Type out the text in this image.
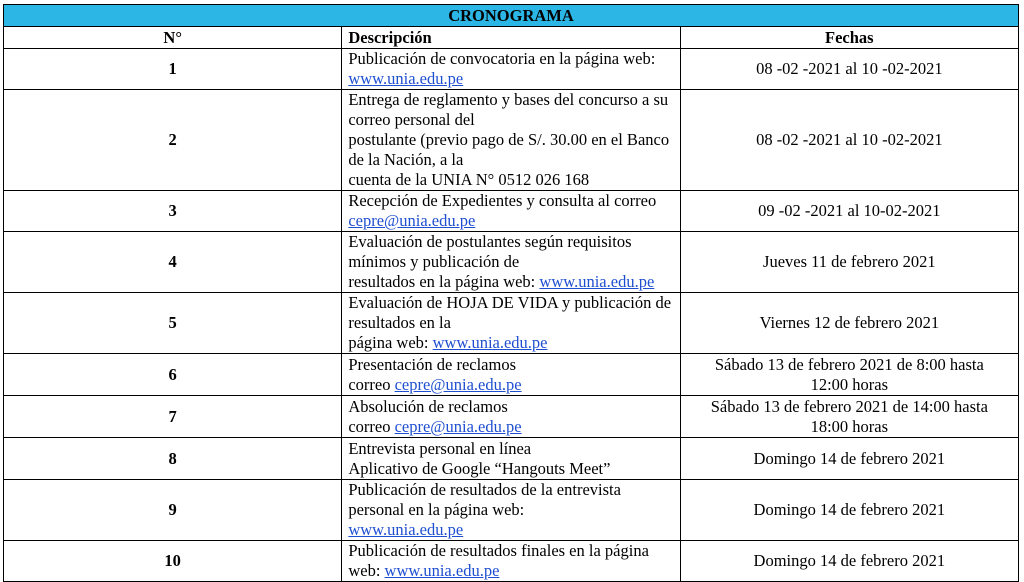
CRONOGRAMA		
N°	Descripción	Fechas
1	Publicación de convocatoria en la página web: www.unia.edu.pe	08 -02 -2021 al 10 -02-2021

2	Entrega de reglamento y bases del concurso a su correo personal del
postulante (previo pago de S/. 30.00 en el Banco de la Nación, a la
cuenta de la UNIA N° 0512 026 168	08 -02 -2021 al 10 -02-2021

3	Recepción de Expedientes y consulta al correo cepre@unia.edu.pe	09 -02 -2021 al 10-02-2021

4	Evaluación de postulantes según requisitos mínimos y publicación de
resultados en la página web: www.unia.edu.pe	Jueves 11 de febrero 2021

5	Evaluación de HOJA DE VIDA y publicación de resultados en la
página web: www.unia.edu.pe	Viernes 12 de febrero 2021

6	Presentación de reclamos
correo cepre@unia.edu.pe	Sábado 13 de febrero 2021 de 8:00 hasta
12:00 horas

7	Absolución de reclamos
correo cepre@unia.edu.pe	Sábado 13 de febrero 2021 de 14:00 hasta
18:00 horas

8	Entrevista personal en línea
Aplicativo de Google “Hangouts Meet”	Domingo 14 de febrero 2021

9	Publicación de resultados de la entrevista personal en la página web:
www.unia.edu.pe	Domingo 14 de febrero 2021

10	Publicación de resultados finales en la página web: www.unia.edu.pe	Domingo 14 de febrero 2021
